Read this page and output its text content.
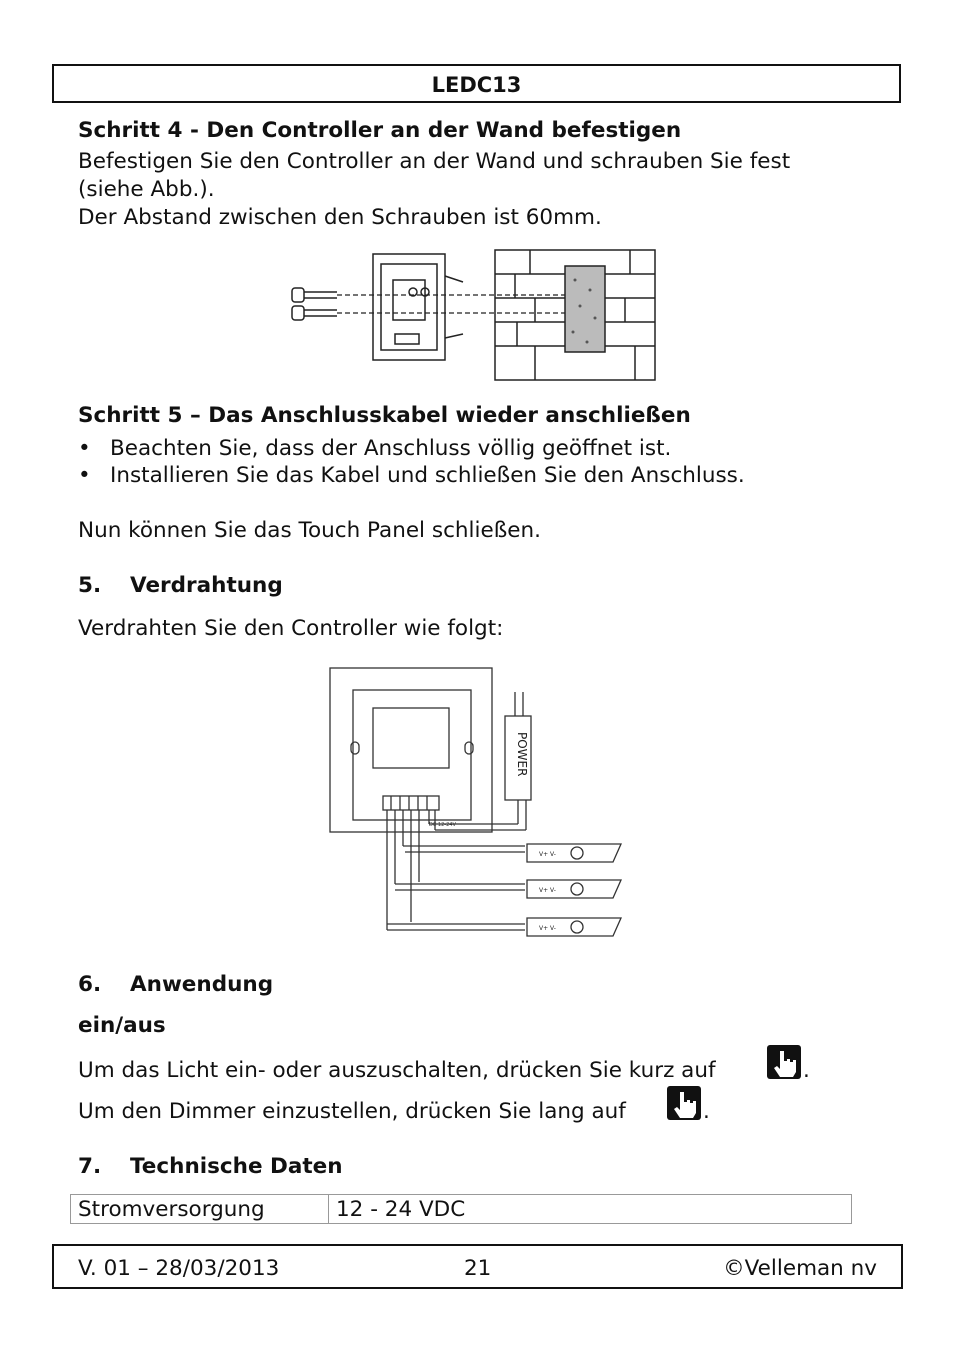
LEDC13
Schritt 4 - Den Controller an der Wand befestigen
Befestigen Sie den Controller an der Wand und schrauben Sie fest
(siehe Abb.).
Der Abstand zwischen den Schrauben ist 60mm.
Schritt 5 – Das Anschlusskabel wieder anschließen
• Beachten Sie, dass der Anschluss völlig geöffnet ist.
• Installieren Sie das Kabel und schließen Sie den Anschluss.
Nun können Sie das Touch Panel schließen.
5. Verdrahtung
Verdrahten Sie den Controller wie folgt:
POWER
DC 12-24V
V+ V-
V+ V-
V+ V-
6. Anwendung
ein/aus
Um das Licht ein- oder auszuschalten, drücken Sie kurz auf	.
Um den Dimmer einzustellen, drücken Sie lang auf	.
7. Technische Daten
Stromversorgung	12 - 24 VDC
V. 01 – 28/03/2013	21	©Velleman nv
